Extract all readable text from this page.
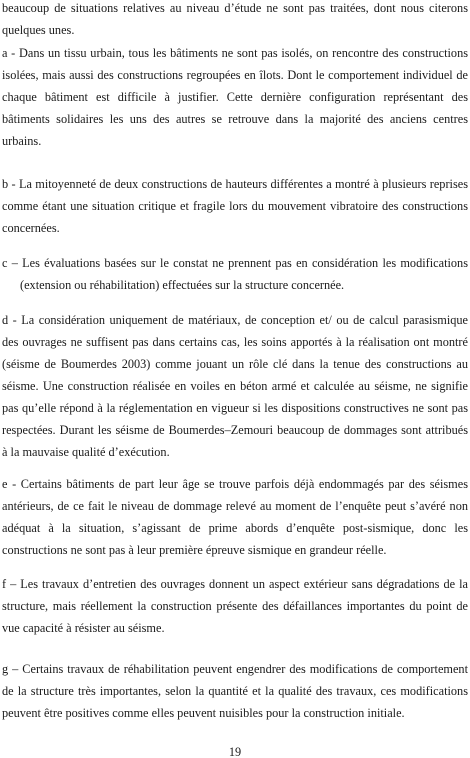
beaucoup de situations relatives au niveau d’étude ne sont pas traitées, dont nous citerons
quelques unes.
a - Dans un tissu urbain, tous les bâtiments ne sont pas isolés, on rencontre des constructions
isolées, mais aussi des constructions regroupées en îlots. Dont le comportement individuel de
chaque bâtiment est difficile à justifier. Cette dernière configuration représentant des
bâtiments solidaires les uns des autres se retrouve dans la majorité des anciens centres
urbains.
b - La mitoyenneté de deux constructions de hauteurs différentes a montré à plusieurs reprises
comme étant une situation critique et fragile lors du mouvement vibratoire des constructions
concernées.
c – Les évaluations basées sur le constat ne prennent pas en considération les modifications
(extension ou réhabilitation) effectuées sur la structure concernée.
d - La considération uniquement de matériaux, de conception et/ ou de calcul parasismique
des ouvrages ne suffisent pas dans certains cas, les soins apportés à la réalisation ont montré
(séisme de Boumerdes 2003) comme jouant un rôle clé dans la tenue des constructions au
séisme. Une construction réalisée en voiles en béton armé et calculée au séisme, ne signifie
pas qu’elle répond à la réglementation en vigueur si les dispositions constructives ne sont pas
respectées. Durant les séisme de Boumerdes–Zemouri beaucoup de dommages sont attribués
à la mauvaise qualité d’exécution.
e - Certains bâtiments de part leur âge se trouve parfois déjà endommagés par des séismes
antérieurs, de ce fait le niveau de dommage relevé au moment de l’enquête peut s’avéré non
adéquat à la situation, s’agissant de prime abords d’enquête post-sismique, donc les
constructions ne sont pas à leur première épreuve sismique en grandeur réelle.
f – Les travaux d’entretien des ouvrages donnent un aspect extérieur sans dégradations de la
structure, mais réellement la construction présente des défaillances importantes du point de
vue capacité à résister au séisme.
g – Certains travaux de réhabilitation peuvent engendrer des modifications de comportement
de la structure très importantes, selon la quantité et la qualité des travaux, ces modifications
peuvent être positives comme elles peuvent nuisibles pour la construction initiale.
19
